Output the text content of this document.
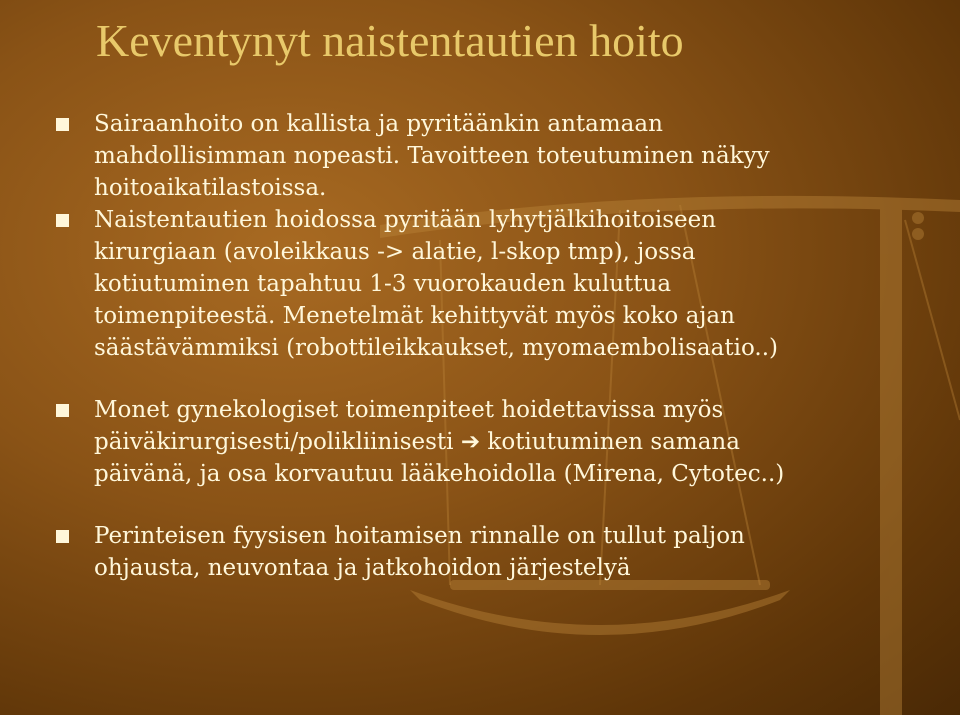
Keventynyt naistentautien hoito
Sairaanhoito on kallista ja pyritäänkin antamaan
mahdollisimman nopeasti. Tavoitteen toteutuminen näkyy
hoitoaikatilastoissa.
Naistentautien hoidossa pyritään lyhytjälkihoitoiseen
kirurgiaan (avoleikkaus -> alatie, l-skop tmp), jossa
kotiutuminen tapahtuu 1-3 vuorokauden kuluttua
toimenpiteestä. Menetelmät kehittyvät myös koko ajan
säästävämmiksi (robottileikkaukset, myomaembolisaatio..)
Monet gynekologiset toimenpiteet hoidettavissa myös
päiväkirurgisesti/polikliinisesti ➔ kotiutuminen samana
päivänä, ja osa korvautuu lääkehoidolla (Mirena, Cytotec..)
Perinteisen fyysisen hoitamisen rinnalle on tullut paljon
ohjausta, neuvontaa ja jatkohoidon järjestelyä
